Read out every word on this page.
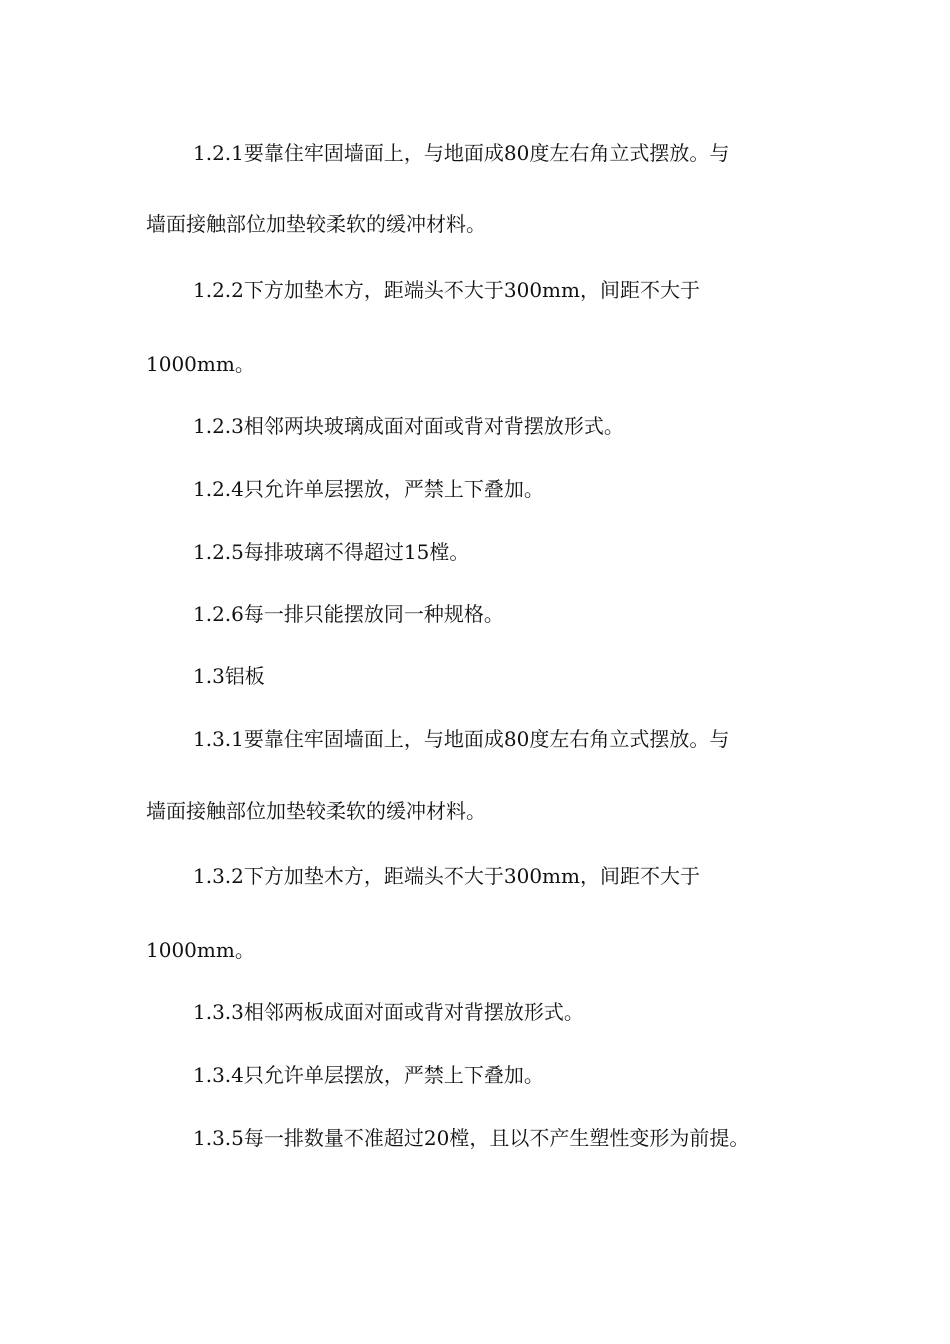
1.2.1要靠住牢固墙面上，与地面成80度左右角立式摆放。与
墙面接触部位加垫较柔软的缓冲材料。
1.2.2下方加垫木方，距端头不大于300mm，间距不大于
1000mm。
1.2.3相邻两块玻璃成面对面或背对背摆放形式。
1.2.4只允许单层摆放，严禁上下叠加。
1.2.5每排玻璃不得超过15樘。
1.2.6每一排只能摆放同一种规格。
1.3铝板
1.3.1要靠住牢固墙面上，与地面成80度左右角立式摆放。与
墙面接触部位加垫较柔软的缓冲材料。
1.3.2下方加垫木方，距端头不大于300mm，间距不大于
1000mm。
1.3.3相邻两板成面对面或背对背摆放形式。
1.3.4只允许单层摆放，严禁上下叠加。
1.3.5每一排数量不准超过20樘，且以不产生塑性变形为前提。
